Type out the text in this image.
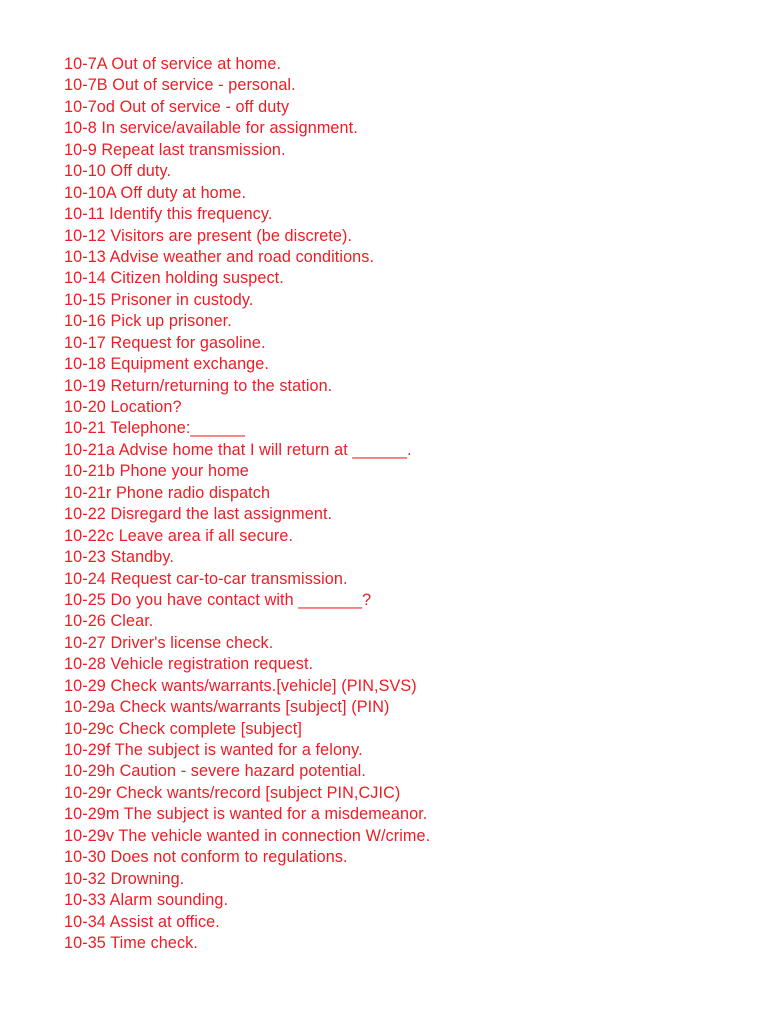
10-7A Out of service at home.
10-7B Out of service - personal.
10-7od Out of service - off duty
10-8 In service/available for assignment.
10-9 Repeat last transmission.
10-10 Off duty.
10-10A Off duty at home.
10-11 Identify this frequency.
10-12 Visitors are present (be discrete).
10-13 Advise weather and road conditions.
10-14 Citizen holding suspect.
10-15 Prisoner in custody.
10-16 Pick up prisoner.
10-17 Request for gasoline.
10-18 Equipment exchange.
10-19 Return/returning to the station.
10-20 Location?
10-21 Telephone:______
10-21a Advise home that I will return at ______.
10-21b Phone your home
10-21r Phone radio dispatch
10-22 Disregard the last assignment.
10-22c Leave area if all secure.
10-23 Standby.
10-24 Request car-to-car transmission.
10-25 Do you have contact with _______?
10-26 Clear.
10-27 Driver's license check.
10-28 Vehicle registration request.
10-29 Check wants/warrants.[vehicle] (PIN,SVS)
10-29a Check wants/warrants [subject] (PIN)
10-29c Check complete [subject]
10-29f The subject is wanted for a felony.
10-29h Caution - severe hazard potential.
10-29r Check wants/record [subject PIN,CJIC)
10-29m The subject is wanted for a misdemeanor.
10-29v The vehicle wanted in connection W/crime.
10-30 Does not conform to regulations.
10-32 Drowning.
10-33 Alarm sounding.
10-34 Assist at office.
10-35 Time check.
